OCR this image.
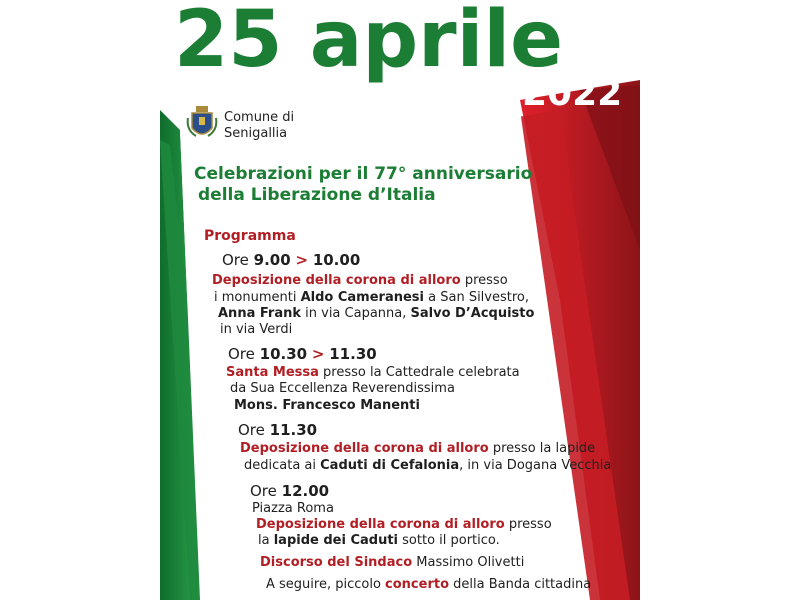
25 aprile
2022
Comune di
Senigallia
Celebrazioni per il 77° anniversario
della Liberazione d’Italia
Programma
Ore 9.00 > 10.00
Deposizione della corona di alloro presso
i monumenti Aldo Cameranesi a San Silvestro,
Anna Frank in via Capanna, Salvo D’Acquisto
in via Verdi
Ore 10.30 > 11.30
Santa Messa presso la Cattedrale celebrata
da Sua Eccellenza Reverendissima
Mons. Francesco Manenti
Ore 11.30
Deposizione della corona di alloro presso la lapide
dedicata ai Caduti di Cefalonia, in via Dogana Vecchia
Ore 12.00
Piazza Roma
Deposizione della corona di alloro presso
la lapide dei Caduti sotto il portico.
Discorso del Sindaco Massimo Olivetti
A seguire, piccolo concerto della Banda cittadina
